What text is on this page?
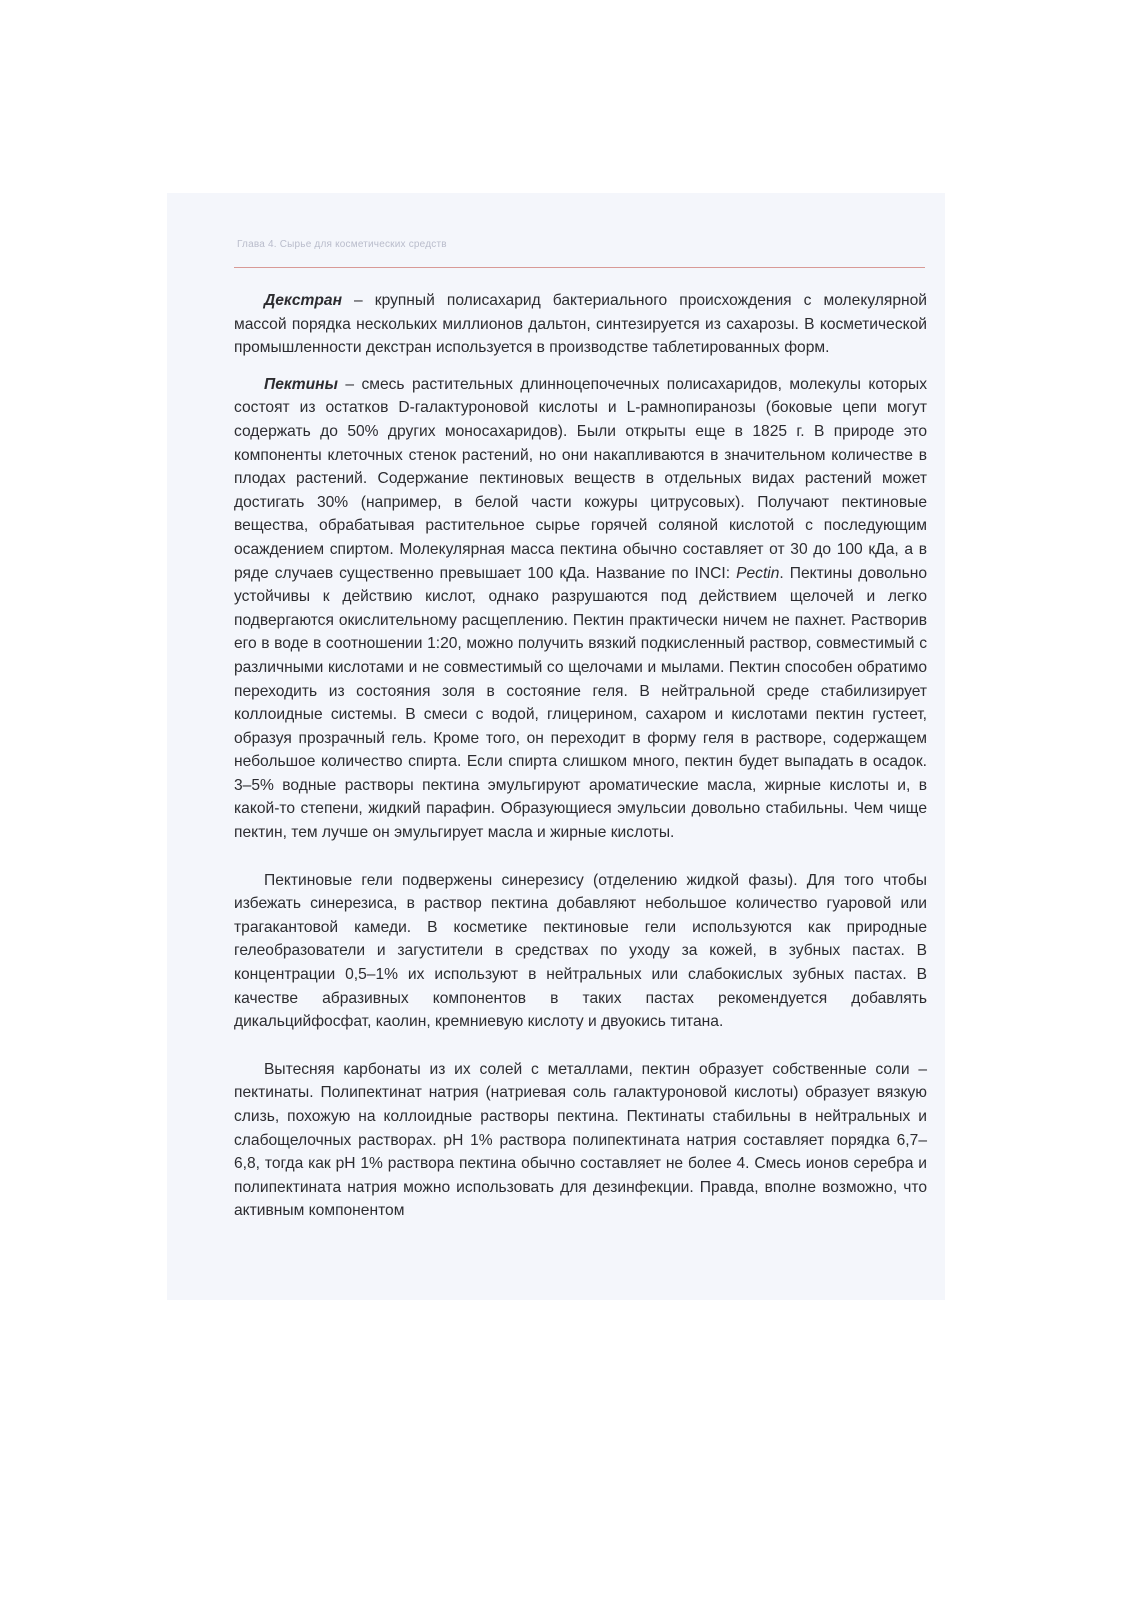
Глава 4. Сырье для косметических средств

Декстран – крупный полисахарид бактериального происхождения с молекулярной массой порядка нескольких миллионов дальтон, синтезируется из сахарозы. В косметической промышленности декстран используется в производстве таблетированных форм.

Пектины – смесь растительных длинноцепочечных полисахаридов, молекулы которых состоят из остатков D-галактуроновой кислоты и L-рамнопиранозы (боковые цепи могут содержать до 50% других моносахаридов). Были открыты еще в 1825 г. В природе это компоненты клеточных стенок растений, но они накапливаются в значительном количестве в плодах растений. Содержание пектиновых веществ в отдельных видах растений может достигать 30% (например, в белой части кожуры цитрусовых). Получают пектиновые вещества, обрабатывая растительное сырье горячей соляной кислотой с последующим осаждением спиртом. Молекулярная масса пектина обычно составляет от 30 до 100 кДа, а в ряде случаев существенно превышает 100 кДа. Название по INCI: Pectin. Пектины довольно устойчивы к действию кислот, однако разрушаются под действием щелочей и легко подвергаются окислительному расщеплению. Пектин практически ничем не пахнет. Растворив его в воде в соотношении 1:20, можно получить вязкий подкисленный раствор, совместимый с различными кислотами и не совместимый со щелочами и мылами. Пектин способен обратимо переходить из состояния золя в состояние геля. В нейтральной среде стабилизирует коллоидные системы. В смеси с водой, глицерином, сахаром и кислотами пектин густеет, образуя прозрачный гель. Кроме того, он переходит в форму геля в растворе, содержащем небольшое количество спирта. Если спирта слишком много, пектин будет выпадать в осадок. 3–5% водные растворы пектина эмульгируют ароматические масла, жирные кислоты и, в какой-то степени, жидкий парафин. Образующиеся эмульсии довольно стабильны. Чем чище пектин, тем лучше он эмульгирует масла и жирные кислоты.

Пектиновые гели подвержены синерезису (отделению жидкой фазы). Для того чтобы избежать синерезиса, в раствор пектина добавляют небольшое количество гуаровой или трагакантовой камеди. В косметике пектиновые гели используются как природные гелеобразователи и загустители в средствах по уходу за кожей, в зубных пастах. В концентрации 0,5–1% их используют в нейтральных или слабокислых зубных пастах. В качестве абразивных компонентов в таких пастах рекомендуется добавлять дикальцийфосфат, каолин, кремниевую кислоту и двуокись титана.

Вытесняя карбонаты из их солей с металлами, пектин образует собственные соли – пектинаты. Полипектинат натрия (натриевая соль галактуроновой кислоты) образует вязкую слизь, похожую на коллоидные растворы пектина. Пектинаты стабильны в нейтральных и слабощелочных растворах. pH 1% раствора полипектината натрия составляет порядка 6,7–6,8, тогда как pH 1% раствора пектина обычно составляет не более 4. Смесь ионов серебра и полипектината натрия можно использовать для дезинфекции. Правда, вполне возможно, что активным компонентом
